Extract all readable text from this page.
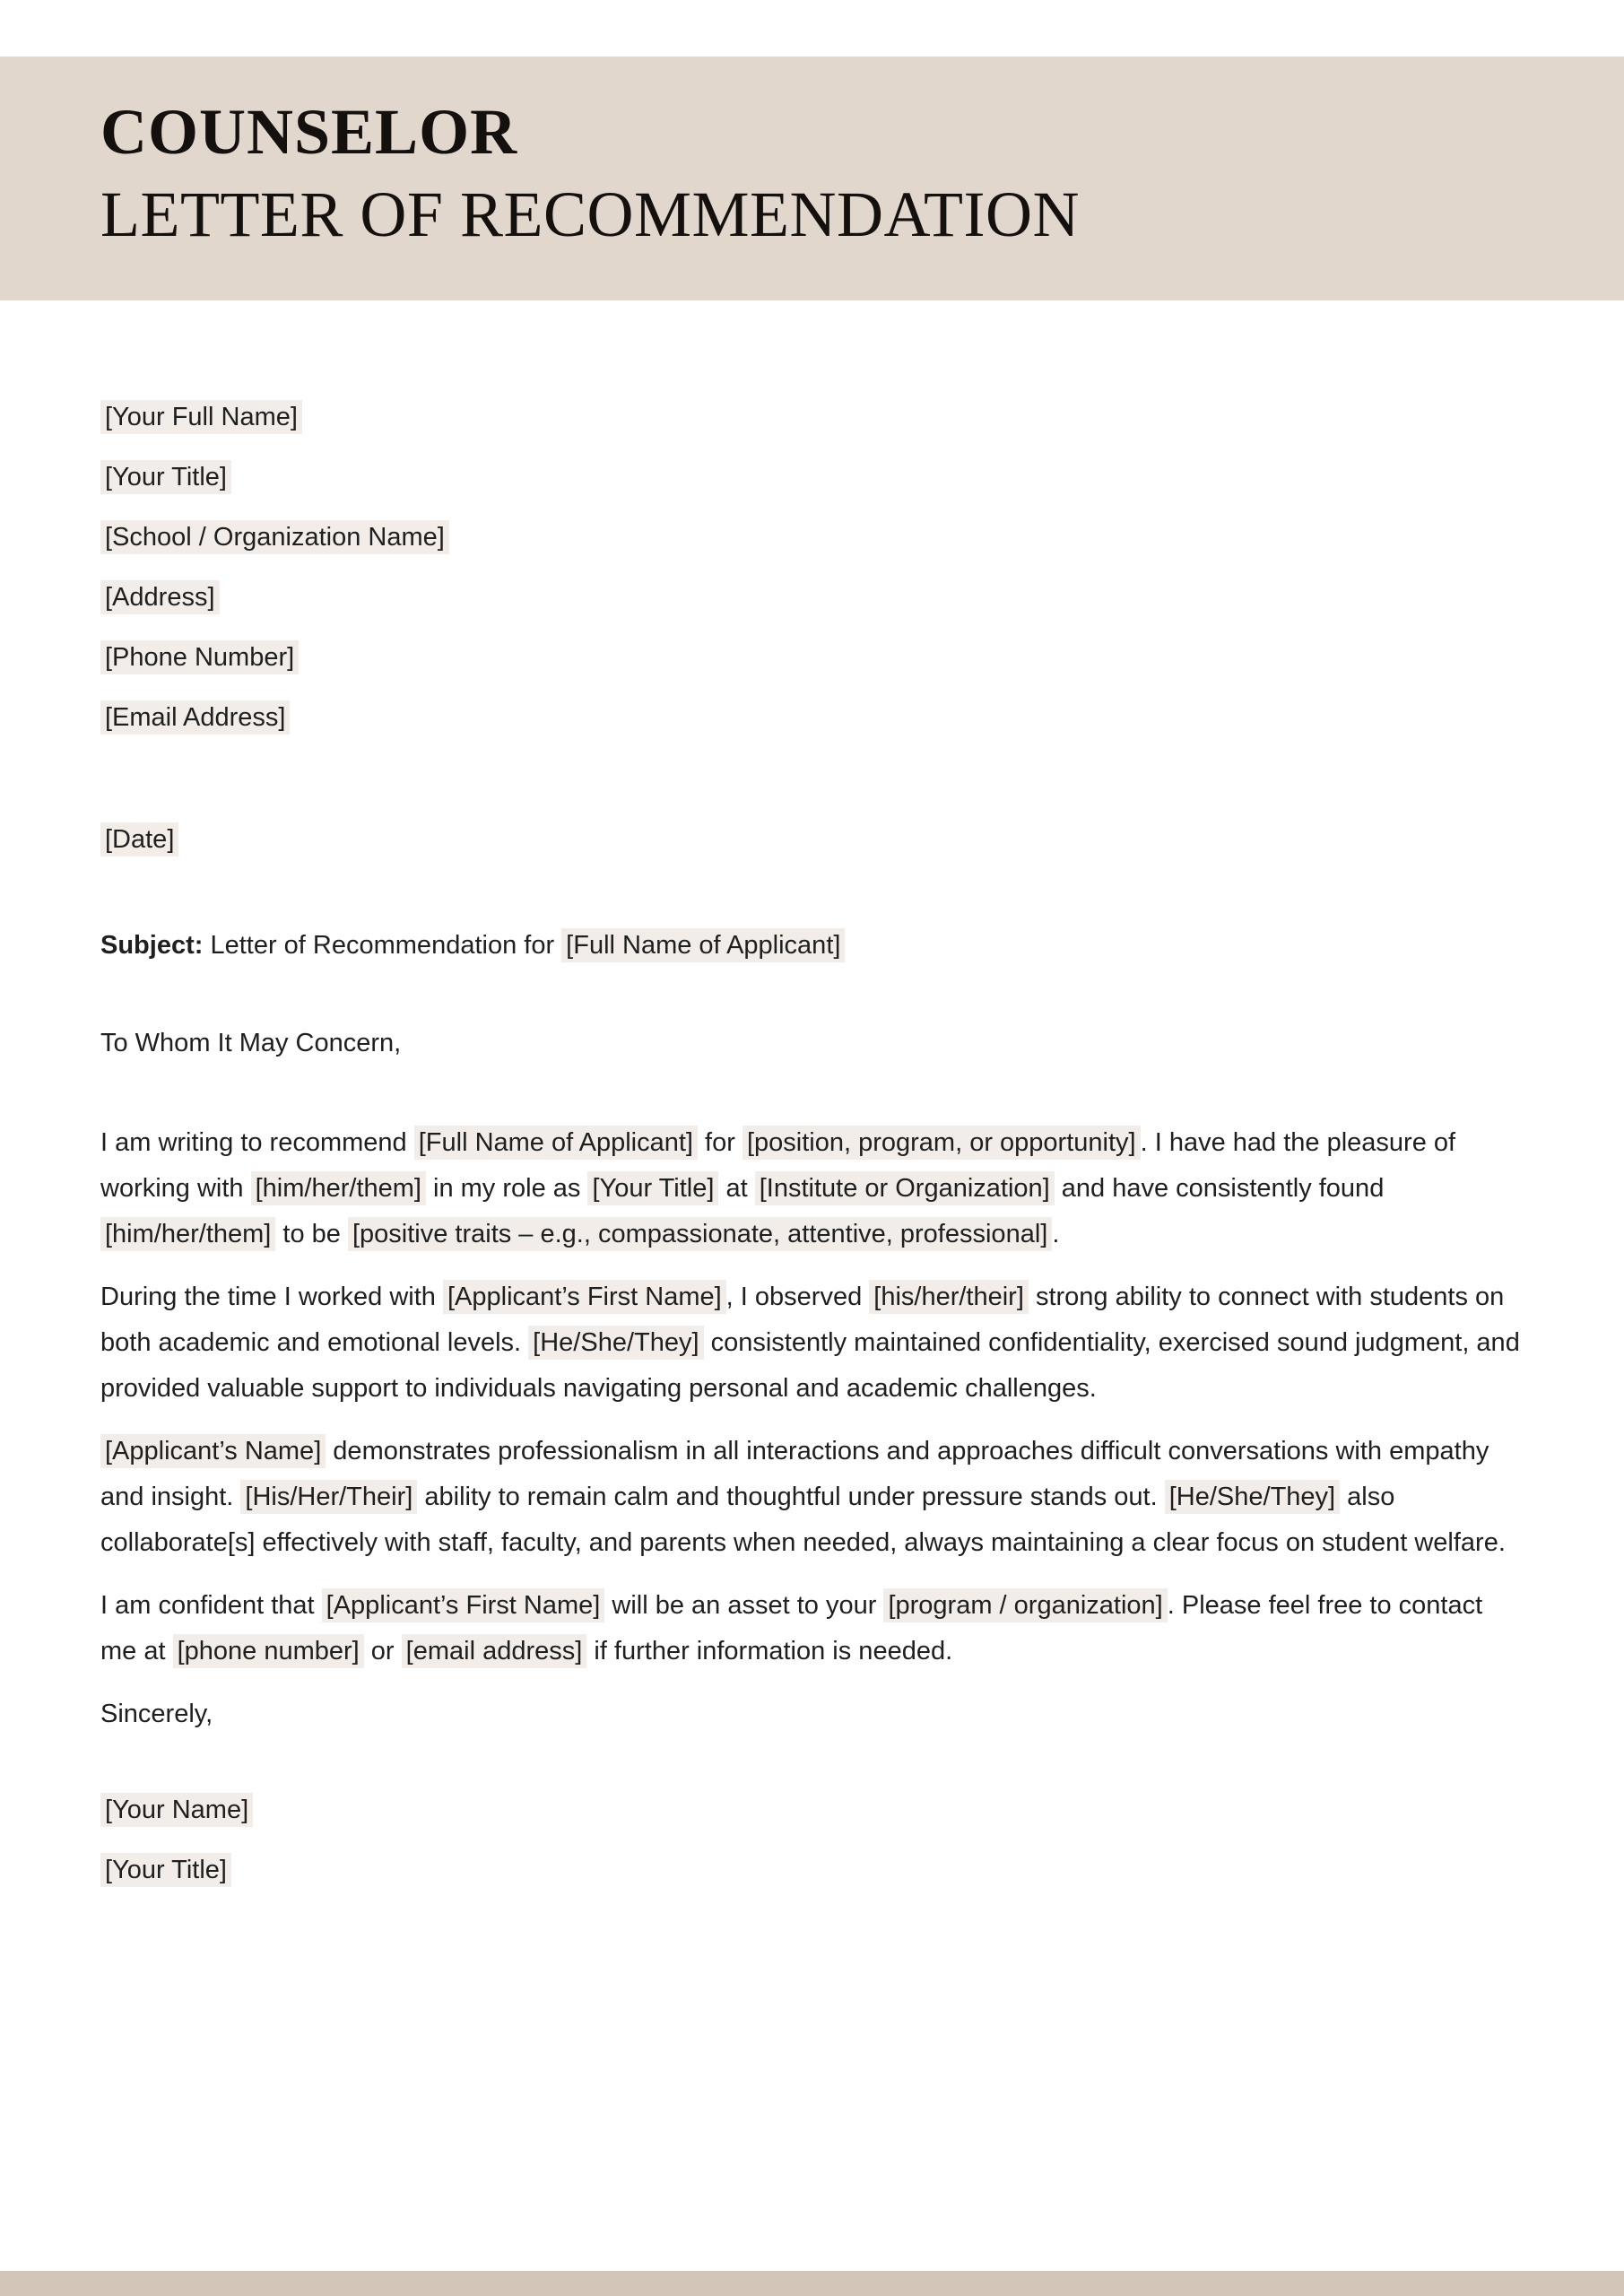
COUNSELOR
LETTER OF RECOMMENDATION
[Your Full Name]
[Your Title]
[School / Organization Name]
[Address]
[Phone Number]
[Email Address]
[Date]

Subject: Letter of Recommendation for [Full Name of Applicant]

To Whom It May Concern,

I am writing to recommend [Full Name of Applicant] for [position, program, or opportunity] . I have had the pleasure of working with [him/her/them] in my role as [Your Title] at [Institute or Organization] and have consistently found [him/her/them] to be [positive traits – e.g., compassionate, attentive, professional] .

During the time I worked with [Applicant’s First Name] , I observed [his/her/their] strong ability to connect with students on both academic and emotional levels. [He/She/They] consistently maintained confidentiality, exercised sound judgment, and provided valuable support to individuals navigating personal and academic challenges.

[Applicant’s Name] demonstrates professionalism in all interactions and approaches difficult conversations with empathy and insight. [His/Her/Their] ability to remain calm and thoughtful under pressure stands out. [He/She/They] also collaborate[s] effectively with staff, faculty, and parents when needed, always maintaining a clear focus on student welfare.

I am confident that [Applicant’s First Name] will be an asset to your [program / organization] . Please feel free to contact me at [phone number] or [email address] if further information is needed.

Sincerely,

[Your Name]
[Your Title]
